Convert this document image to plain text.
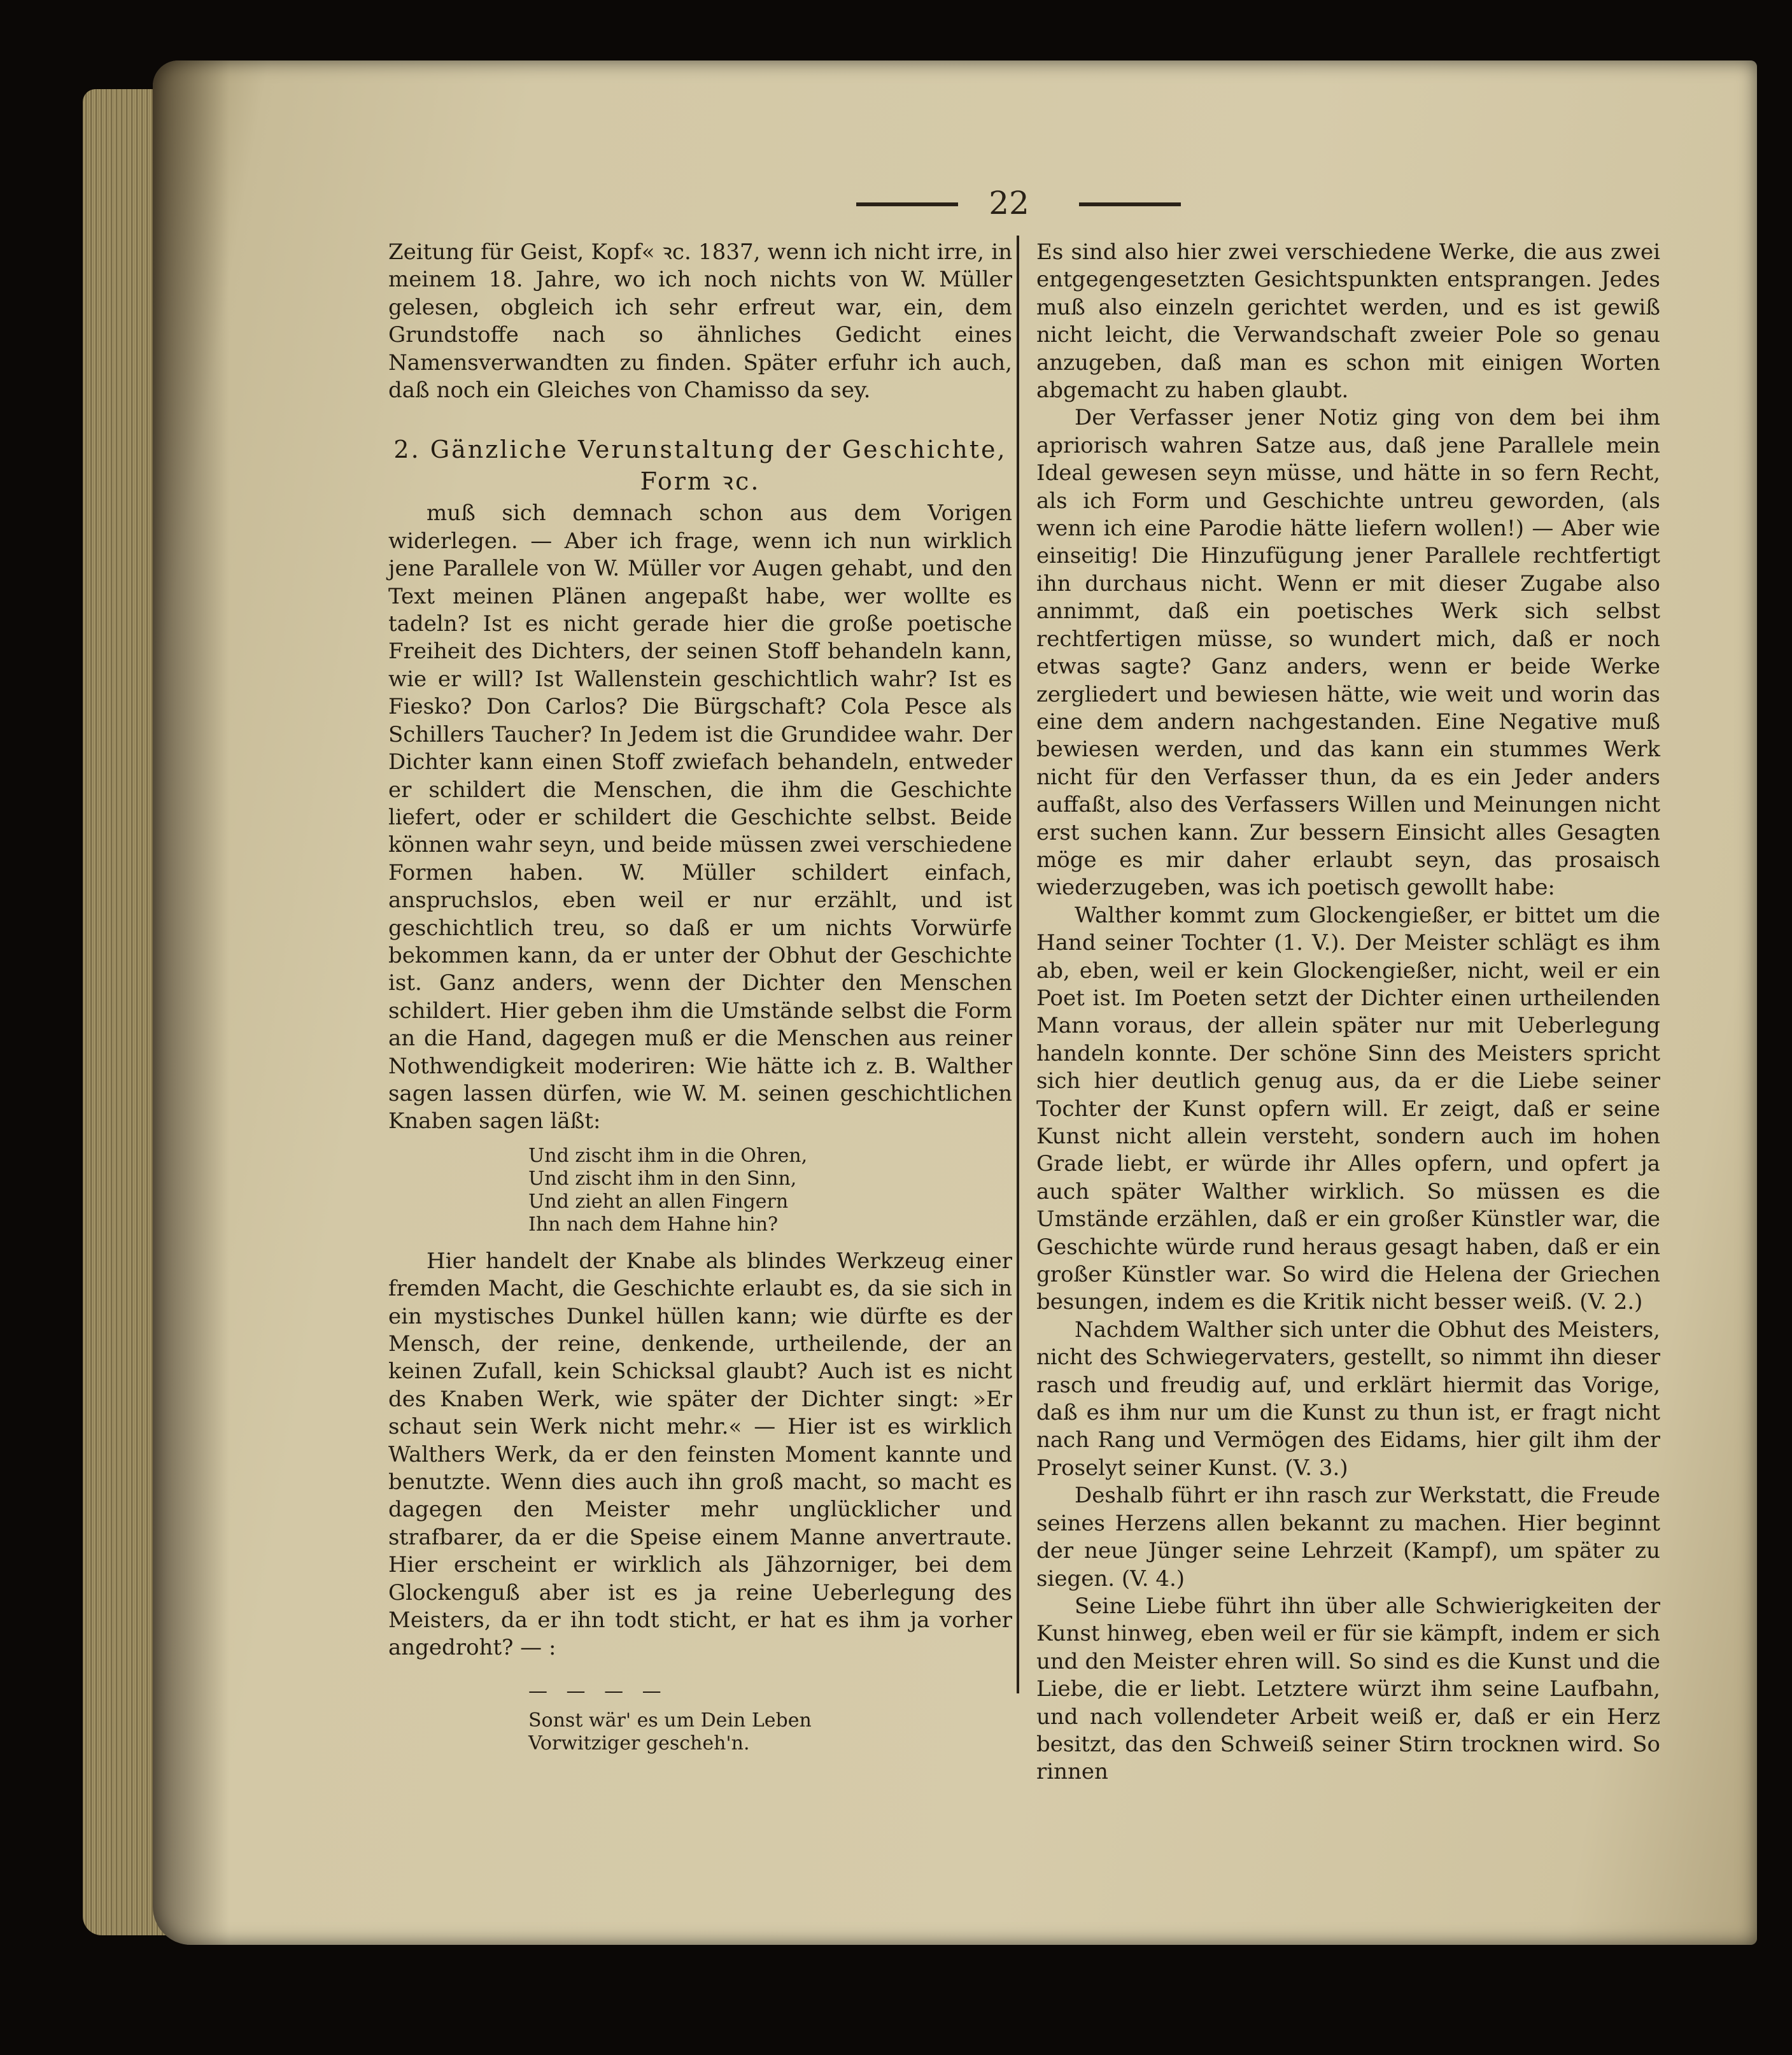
22

Zeitung für Geist, Kopf« ꝛc. 1837, wenn ich nicht irre, in meinem 18. Jahre, wo ich noch nichts von W. Müller gelesen, obgleich ich sehr erfreut war, ein, dem Grundstoffe nach so ähnliches Gedicht eines Namensverwandten zu finden. Später erfuhr ich auch, daß noch ein Gleiches von Chamisso da sey.

2. Gänzliche Verunstaltung der Geschichte,
Form ꝛc.

muß sich demnach schon aus dem Vorigen widerlegen. — Aber ich frage, wenn ich nun wirklich jene Parallele von W. Müller vor Augen gehabt, und den Text meinen Plänen angepaßt habe, wer wollte es tadeln? Ist es nicht gerade hier die große poetische Freiheit des Dichters, der seinen Stoff behandeln kann, wie er will? Ist Wallenstein geschichtlich wahr? Ist es Fiesko? Don Carlos? Die Bürgschaft? Cola Pesce als Schillers Taucher? In Jedem ist die Grundidee wahr. Der Dichter kann einen Stoff zwiefach behandeln, entweder er schildert die Menschen, die ihm die Geschichte liefert, oder er schildert die Geschichte selbst. Beide können wahr seyn, und beide müssen zwei verschiedene Formen haben. W. Müller schildert einfach, anspruchslos, eben weil er nur erzählt, und ist geschichtlich treu, so daß er um nichts Vorwürfe bekommen kann, da er unter der Obhut der Geschichte ist. Ganz anders, wenn der Dichter den Menschen schildert. Hier geben ihm die Umstände selbst die Form an die Hand, dagegen muß er die Menschen aus reiner Nothwendigkeit moderiren: Wie hätte ich z. B. Walther sagen lassen dürfen, wie W. M. seinen geschichtlichen Knaben sagen läßt:

Und zischt ihm in die Ohren,
Und zischt ihm in den Sinn,
Und zieht an allen Fingern
Ihn nach dem Hahne hin?

Hier handelt der Knabe als blindes Werkzeug einer fremden Macht, die Geschichte erlaubt es, da sie sich in ein mystisches Dunkel hüllen kann; wie dürfte es der Mensch, der reine, denkende, urtheilende, der an keinen Zufall, kein Schicksal glaubt? Auch ist es nicht des Knaben Werk, wie später der Dichter singt: »Er schaut sein Werk nicht mehr.« — Hier ist es wirklich Walthers Werk, da er den feinsten Moment kannte und benutzte. Wenn dies auch ihn groß macht, so macht es dagegen den Meister mehr unglücklicher und strafbarer, da er die Speise einem Manne anvertraute. Hier erscheint er wirklich als Jähzorniger, bei dem Glockenguß aber ist es ja reine Ueberlegung des Meisters, da er ihn todt sticht, er hat es ihm ja vorher angedroht? — :

— — — —
Sonst wär' es um Dein Leben
Vorwitziger gescheh'n.

Es sind also hier zwei verschiedene Werke, die aus zwei entgegengesetzten Gesichtspunkten entsprangen. Jedes muß also einzeln gerichtet werden, und es ist gewiß nicht leicht, die Verwandschaft zweier Pole so genau anzugeben, daß man es schon mit einigen Worten abgemacht zu haben glaubt.

Der Verfasser jener Notiz ging von dem bei ihm apriorisch wahren Satze aus, daß jene Parallele mein Ideal gewesen seyn müsse, und hätte in so fern Recht, als ich Form und Geschichte untreu geworden, (als wenn ich eine Parodie hätte liefern wollen!) — Aber wie einseitig! Die Hinzufügung jener Parallele rechtfertigt ihn durchaus nicht. Wenn er mit dieser Zugabe also annimmt, daß ein poetisches Werk sich selbst rechtfertigen müsse, so wundert mich, daß er noch etwas sagte? Ganz anders, wenn er beide Werke zergliedert und bewiesen hätte, wie weit und worin das eine dem andern nachgestanden. Eine Negative muß bewiesen werden, und das kann ein stummes Werk nicht für den Verfasser thun, da es ein Jeder anders auffaßt, also des Verfassers Willen und Meinungen nicht erst suchen kann. Zur bessern Einsicht alles Gesagten möge es mir daher erlaubt seyn, das prosaisch wiederzugeben, was ich poetisch gewollt habe:

Walther kommt zum Glockengießer, er bittet um die Hand seiner Tochter (1. V.). Der Meister schlägt es ihm ab, eben, weil er kein Glockengießer, nicht, weil er ein Poet ist. Im Poeten setzt der Dichter einen urtheilenden Mann voraus, der allein später nur mit Ueberlegung handeln konnte. Der schöne Sinn des Meisters spricht sich hier deutlich genug aus, da er die Liebe seiner Tochter der Kunst opfern will. Er zeigt, daß er seine Kunst nicht allein versteht, sondern auch im hohen Grade liebt, er würde ihr Alles opfern, und opfert ja auch später Walther wirklich. So müssen es die Umstände erzählen, daß er ein großer Künstler war, die Geschichte würde rund heraus gesagt haben, daß er ein großer Künstler war. So wird die Helena der Griechen besungen, indem es die Kritik nicht besser weiß. (V. 2.)

Nachdem Walther sich unter die Obhut des Meisters, nicht des Schwiegervaters, gestellt, so nimmt ihn dieser rasch und freudig auf, und erklärt hiermit das Vorige, daß es ihm nur um die Kunst zu thun ist, er fragt nicht nach Rang und Vermögen des Eidams, hier gilt ihm der Proselyt seiner Kunst. (V. 3.)

Deshalb führt er ihn rasch zur Werkstatt, die Freude seines Herzens allen bekannt zu machen. Hier beginnt der neue Jünger seine Lehrzeit (Kampf), um später zu siegen. (V. 4.)

Seine Liebe führt ihn über alle Schwierigkeiten der Kunst hinweg, eben weil er für sie kämpft, indem er sich und den Meister ehren will. So sind es die Kunst und die Liebe, die er liebt. Letztere würzt ihm seine Laufbahn, und nach vollendeter Arbeit weiß er, daß er ein Herz besitzt, das den Schweiß seiner Stirn trocknen wird. So rinnen
